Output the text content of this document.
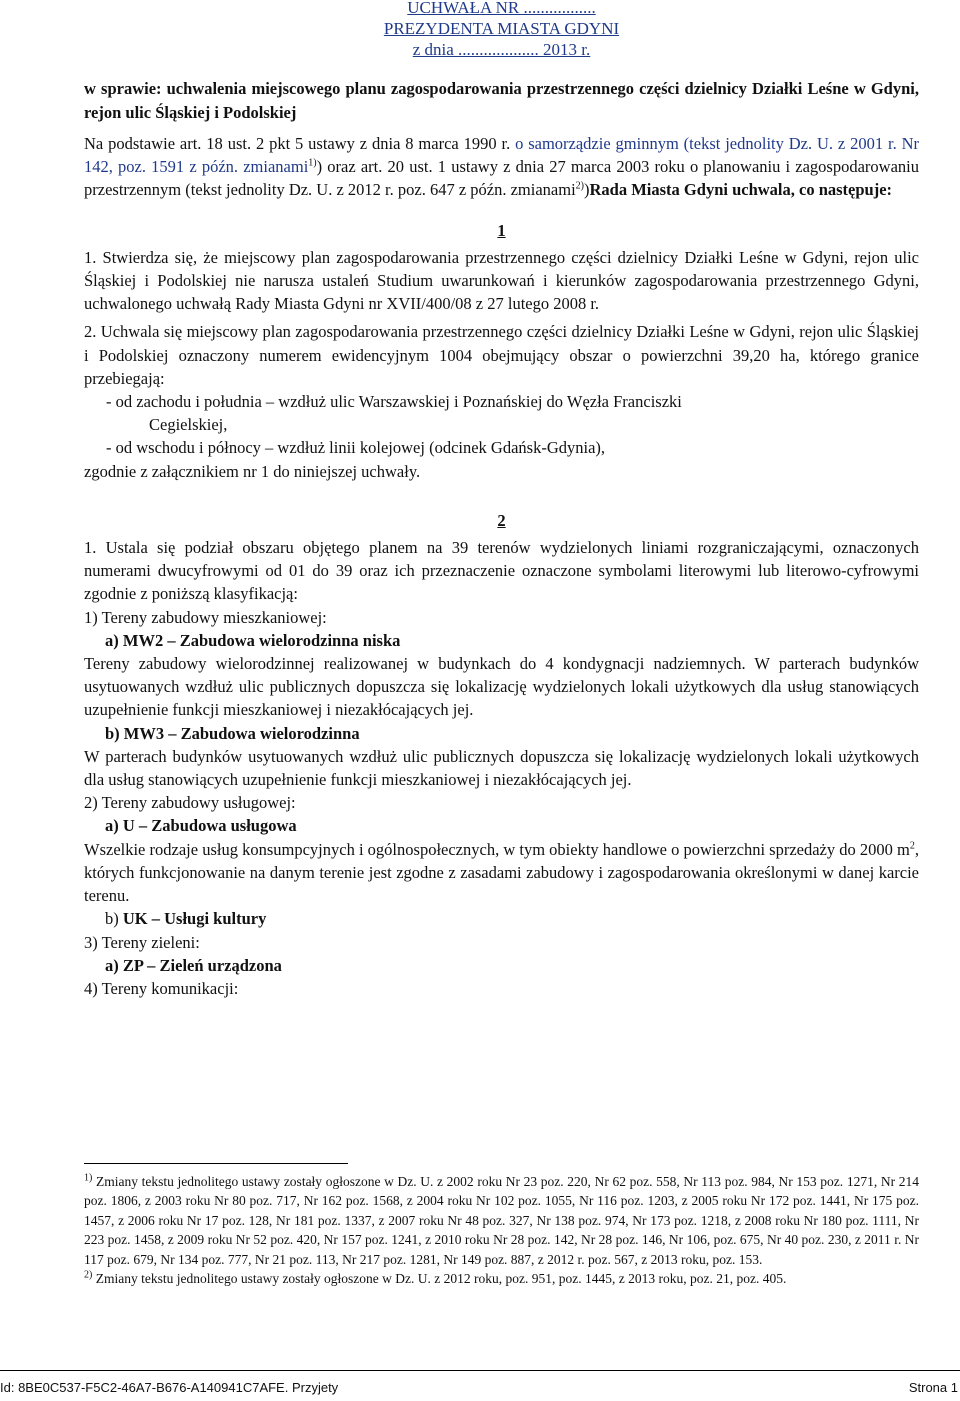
UCHWAŁA NR .................
PREZYDENTA MIASTA GDYNI
z dnia ................... 2013 r.

w sprawie: uchwalenia miejscowego planu zagospodarowania przestrzennego części dzielnicy Działki Leśne w Gdyni, rejon ulic Śląskiej i Podolskiej

Na podstawie art. 18 ust. 2 pkt 5 ustawy z dnia 8 marca 1990 r. o samorządzie gminnym (tekst jednolity Dz. U. z 2001 r. Nr 142, poz. 1591 z późn. zmianami$^{1)}$) oraz art. 20 ust. 1 ustawy z dnia 27 marca 2003 roku o planowaniu i zagospodarowaniu przestrzennym (tekst jednolity Dz. U. z 2012 r. poz. 647 z późn. zmianami$^{2)}$)Rada Miasta Gdyni uchwala, co następuje:

1

1. Stwierdza się, że miejscowy plan zagospodarowania przestrzennego części dzielnicy Działki Leśne w Gdyni, rejon ulic Śląskiej i Podolskiej nie narusza ustaleń Studium uwarunkowań i kierunków zagospodarowania przestrzennego Gdyni, uchwalonego uchwałą Rady Miasta Gdyni nr XVII/400/08 z 27 lutego 2008 r.

2. Uchwala się miejscowy plan zagospodarowania przestrzennego części dzielnicy Działki Leśne w Gdyni, rejon ulic Śląskiej i Podolskiej oznaczony numerem ewidencyjnym 1004 obejmujący obszar o powierzchni 39,20 ha, którego granice przebiegają:

- od zachodu i południa – wzdłuż ulic Warszawskiej i Poznańskiej do Węzła Franciszki

Cegielskiej,

- od wschodu i północy – wzdłuż linii kolejowej (odcinek Gdańsk-Gdynia),

zgodnie z załącznikiem nr 1 do niniejszej uchwały.

2

1. Ustala się podział obszaru objętego planem na 39 terenów wydzielonych liniami rozgraniczającymi, oznaczonych numerami dwucyfrowymi od 01 do 39 oraz ich przeznaczenie oznaczone symbolami literowymi lub literowo-cyfrowymi zgodnie z poniższą klasyfikacją:

1) Tereny zabudowy mieszkaniowej:

a) MW2 – Zabudowa wielorodzinna niska

Tereny zabudowy wielorodzinnej realizowanej w budynkach do 4 kondygnacji nadziemnych. W parterach budynków usytuowanych wzdłuż ulic publicznych dopuszcza się lokalizację wydzielonych lokali użytkowych dla usług stanowiących uzupełnienie funkcji mieszkaniowej i niezakłócających jej.

b) MW3 – Zabudowa wielorodzinna

W parterach budynków usytuowanych wzdłuż ulic publicznych dopuszcza się lokalizację wydzielonych lokali użytkowych dla usług stanowiących uzupełnienie funkcji mieszkaniowej i niezakłócających jej.

2) Tereny zabudowy usługowej:

a) U – Zabudowa usługowa

Wszelkie rodzaje usług konsumpcyjnych i ogólnospołecznych, w tym obiekty handlowe o powierzchni sprzedaży do 2000 $m^2$, których funkcjonowanie na danym terenie jest zgodne z zasadami zabudowy i zagospodarowania określonymi w danej karcie terenu.

b) UK – Usługi kultury

3) Tereny zieleni:

a) ZP – Zieleń urządzona

4) Tereny komunikacji:

$^{1)}$ Zmiany tekstu jednolitego ustawy zostały ogłoszone w Dz. U. z 2002 roku Nr 23 poz. 220, Nr 62 poz. 558, Nr 113 poz. 984, Nr 153 poz. 1271, Nr 214 poz. 1806, z 2003 roku Nr 80 poz. 717, Nr 162 poz. 1568, z 2004 roku Nr 102 poz. 1055, Nr 116 poz. 1203, z 2005 roku Nr 172 poz. 1441, Nr 175 poz. 1457, z 2006 roku Nr 17 poz. 128, Nr 181 poz. 1337, z 2007 roku Nr 48 poz. 327, Nr 138 poz. 974, Nr 173 poz. 1218, z 2008 roku Nr 180 poz. 1111, Nr 223 poz. 1458, z 2009 roku Nr 52 poz. 420, Nr 157 poz. 1241, z 2010 roku Nr 28 poz. 142, Nr 28 poz. 146, Nr 106, poz. 675, Nr 40 poz. 230, z 2011 r. Nr 117 poz. 679, Nr 134 poz. 777, Nr 21 poz. 113, Nr 217 poz. 1281, Nr 149 poz. 887, z 2012 r. poz. 567, z 2013 roku, poz. 153.

$^{2)}$ Zmiany tekstu jednolitego ustawy zostały ogłoszone w Dz. U. z 2012 roku, poz. 951, poz. 1445, z 2013 roku, poz. 21, poz. 405.

Id: 8BE0C537-F5C2-46A7-B676-A140941C7AFE. Przyjety	Strona 1
